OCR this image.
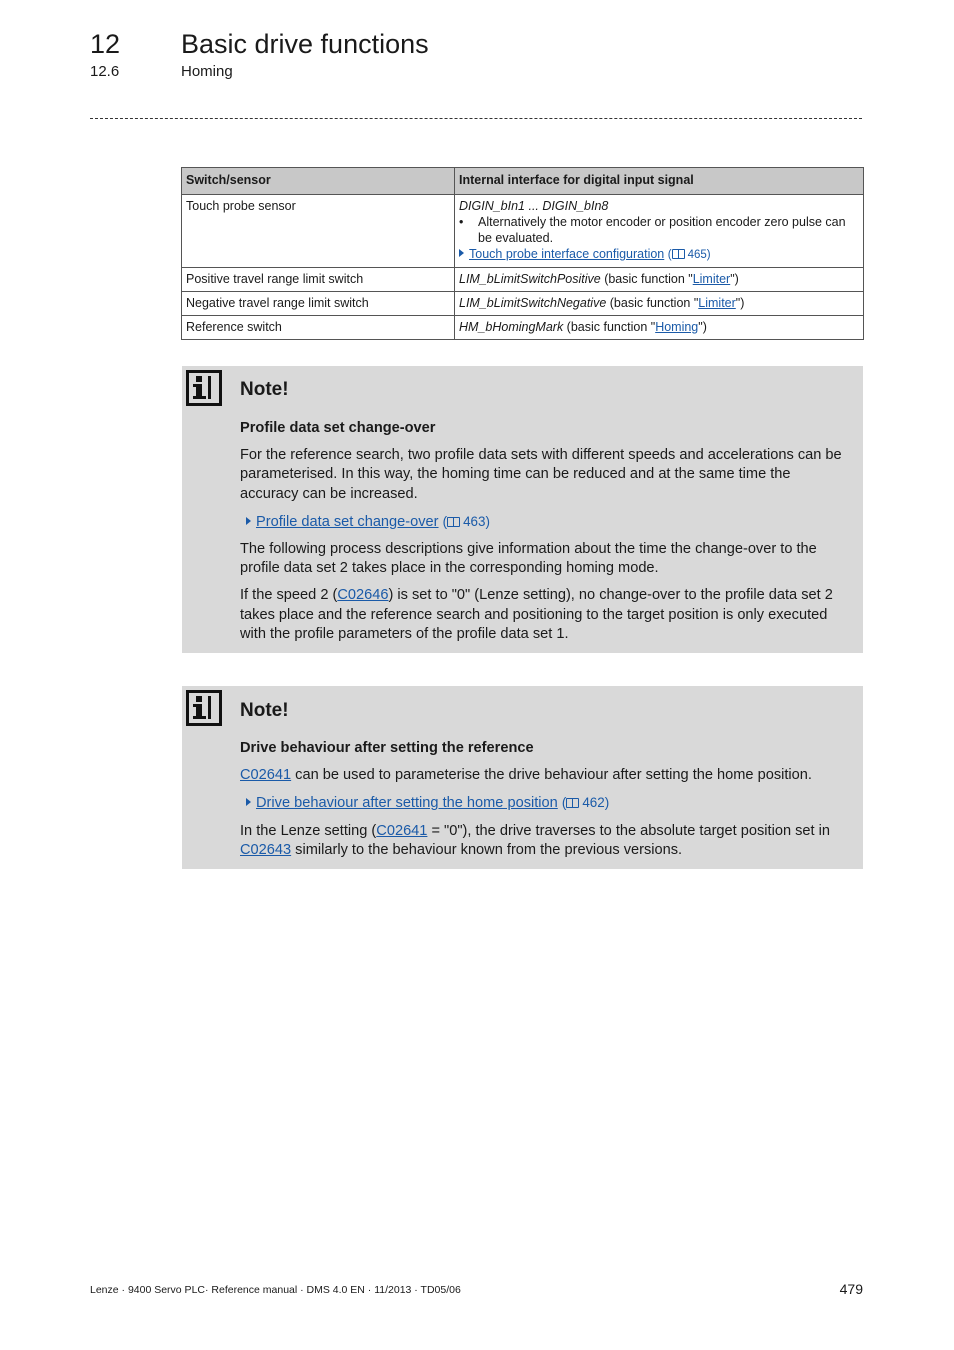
12 Basic drive functions
12.6	Homing
Switch/sensor	Internal interface for digital input signal
Touch probe sensor	DIGIN_bIn1 ... DIGIN_bIn8
• Alternatively the motor encoder or position encoder zero pulse can be evaluated.
Touch probe interface configuration ( 465)

Positive travel range limit switch	LIM_bLimitSwitchPositive (basic function "Limiter")
Negative travel range limit switch	LIM_bLimitSwitchNegative (basic function "Limiter")
Reference switch	HM_bHomingMark (basic function "Homing")
Note!
Profile data set change-over

For the reference search, two profile data sets with different speeds and accelerations can be parameterised. In this way, the homing time can be reduced and at the same time the accuracy can be increased.

Profile data set change-over ( 463)

The following process descriptions give information about the time the change-over to the profile data set 2 takes place in the corresponding homing mode.

If the speed 2 (C02646) is set to "0" (Lenze setting), no change-over to the profile data set 2 takes place and the reference search and positioning to the target position is only executed with the profile parameters of the profile data set 1.

Note!
Drive behaviour after setting the reference

C02641 can be used to parameterise the drive behaviour after setting the home position.

Drive behaviour after setting the home position ( 462)

In the Lenze setting (C02641 = "0"), the drive traverses to the absolute target position set in C02643 similarly to the behaviour known from the previous versions.

Lenze · 9400 Servo PLC· Reference manual · DMS 4.0 EN · 11/2013 · TD05/06	479
